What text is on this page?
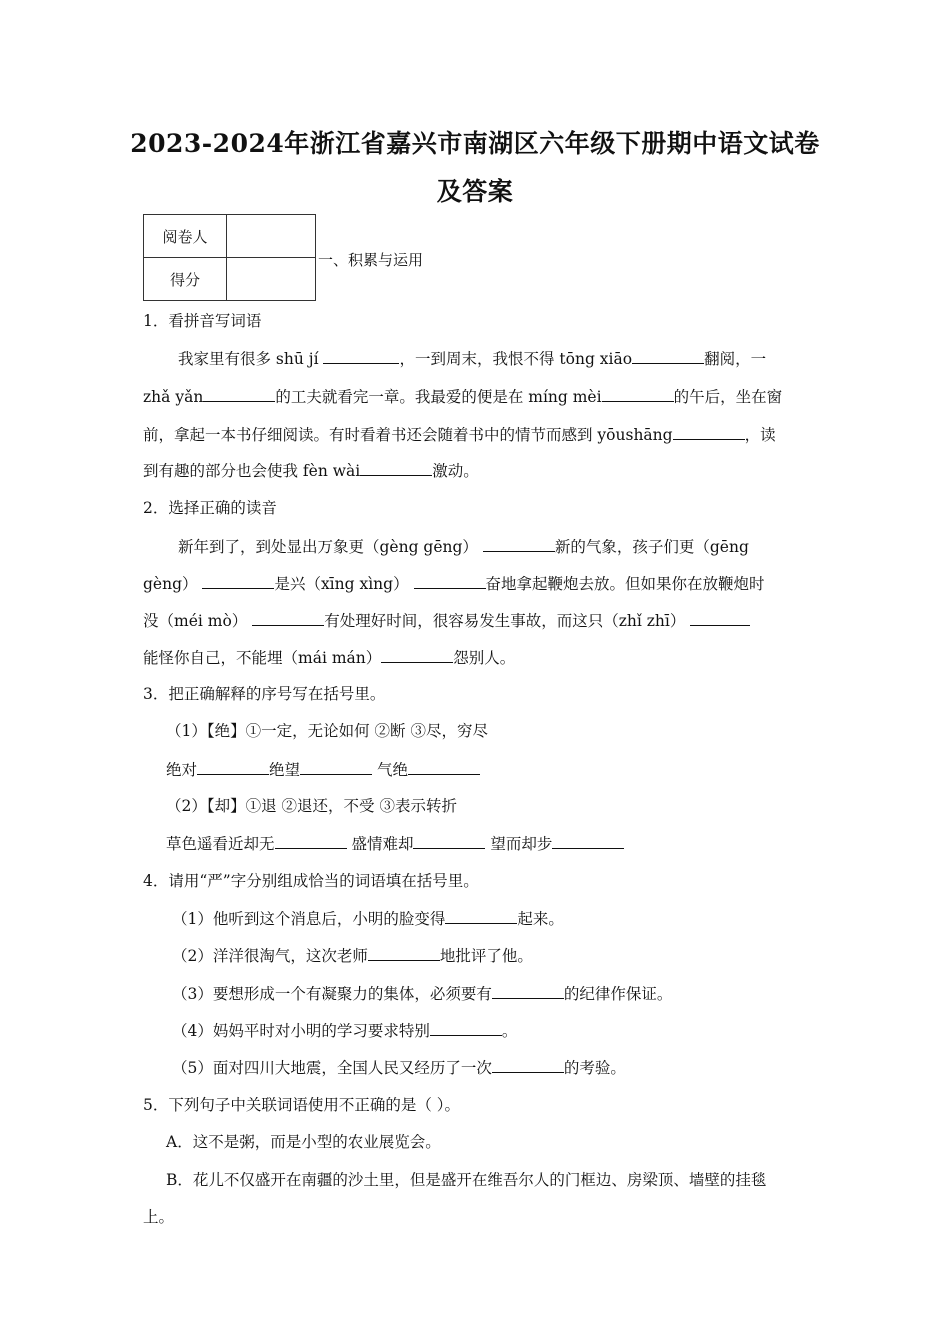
2023-2024年浙江省嘉兴市南湖区六年级下册期中语文试卷
及答案
阅卷人	
得分	
一、积累与运用
1．看拼音写词语
我家里有很多 shū jí	，一到周末，我恨不得 tōng xiāo	翻阅，一
zhǎ yǎn	的工夫就看完一章。我最爱的便是在 míng mèi	的午后，坐在窗
前，拿起一本书仔细阅读。有时看着书还会随着书中的情节而感到 yōushāng	，读
到有趣的部分也会使我 fèn wài	激动。
2．选择正确的读音
新年到了，到处显出万象更（gèng gēng）	新的气象，孩子们更（gēng
gèng）	是兴（xīng xìng）	奋地拿起鞭炮去放。但如果你在放鞭炮时
没（méi mò）	有处理好时间，很容易发生事故，而这只（zhǐ zhī）
能怪你自己，不能埋（mái mán）	怨别人。
3．把正确解释的序号写在括号里。
（1）【绝】①一定，无论如何 ②断 ③尽，穷尽
绝对	绝望	气绝
（2）【却】①退 ②退还，不受 ③表示转折
草色遥看近却无	盛情难却	望而却步
4．请用“严”字分别组成恰当的词语填在括号里。
（1）他听到这个消息后，小明的脸变得	起来。
（2）洋洋很淘气，这次老师	地批评了他。
（3）要想形成一个有凝聚力的集体，必须要有	的纪律作保证。
（4）妈妈平时对小明的学习要求特别	。
（5）面对四川大地震，全国人民又经历了一次	的考验。
5．下列句子中关联词语使用不正确的是（ ）。
A．这不是粥，而是小型的农业展览会。
B．花儿不仅盛开在南疆的沙土里，但是盛开在维吾尔人的门框边、房梁顶、墙壁的挂毯
上。
